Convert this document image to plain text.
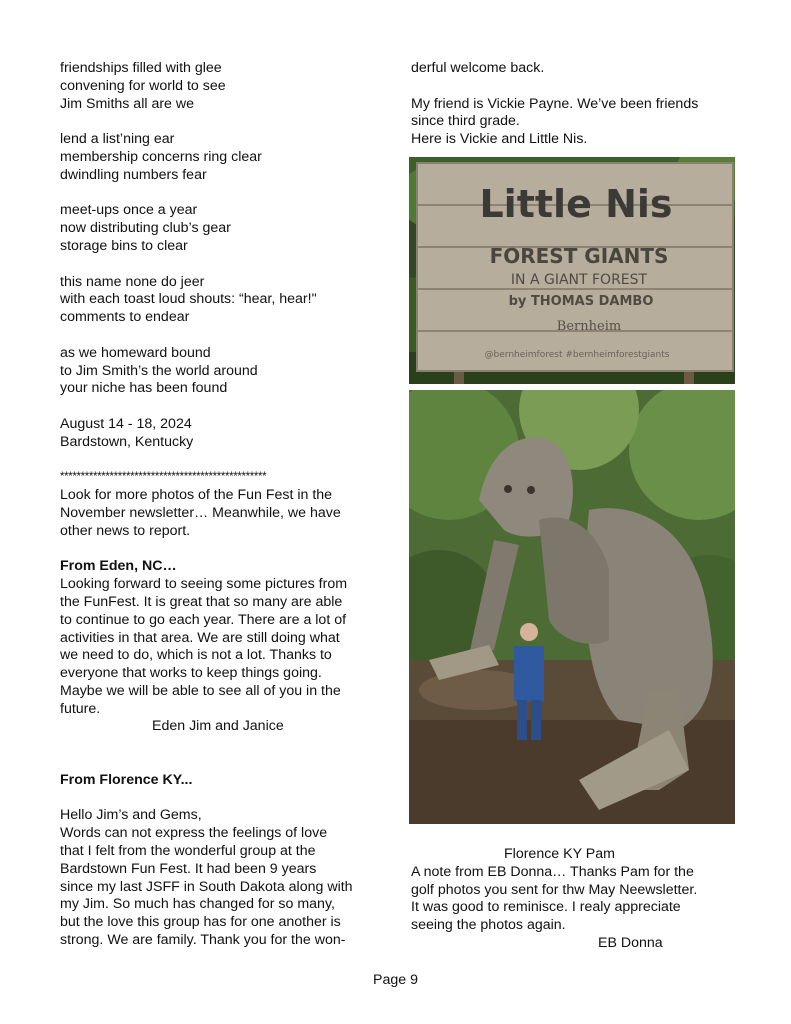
friendships filled with glee
convening for world to see
Jim Smiths all are we
lend a list’ning ear
membership concerns ring clear
dwindling numbers fear
meet-ups once a year
now distributing club’s gear
storage bins to clear
this name none do jeer
with each toast loud shouts: “hear, hear!"
comments to endear
as we homeward bound
to Jim Smith’s the world around
your niche has been found
August 14 - 18, 2024
Bardstown, Kentucky
**************************************************
Look for more photos of the Fun Fest in the
November newsletter… Meanwhile, we have
other news to report.
From Eden, NC…
Looking forward to seeing some pictures from
the FunFest. It is great that so many are able
to continue to go each year. There are a lot of
activities in that area. We are still doing what
we need to do, which is not a lot. Thanks to
everyone that works to keep things going.
Maybe we will be able to see all of you in the
future.
Eden Jim and Janice
From Florence KY...
Hello Jim’s and Gems,
Words can not express the feelings of love
that I felt from the wonderful group at the
Bardstown Fun Fest. It had been 9 years
since my last JSFF in South Dakota along with
my Jim. So much has changed for so many,
but the love this group has for one another is
strong. We are family. Thank you for the won-
derful welcome back.
My friend is Vickie Payne. We’ve been friends
since third grade.
Here is Vickie and Little Nis.
Little Nis
FOREST GIANTS
IN A GIANT FOREST
by THOMAS DAMBO
Bernheim
@bernheimforest #bernheimforestgiants
Florence KY Pam
A note from EB Donna… Thanks Pam for the
golf photos you sent for thw May Neewsletter.
It was good to reminisce. I realy appreciate
seeing the photos again.
EB Donna
Page 9
